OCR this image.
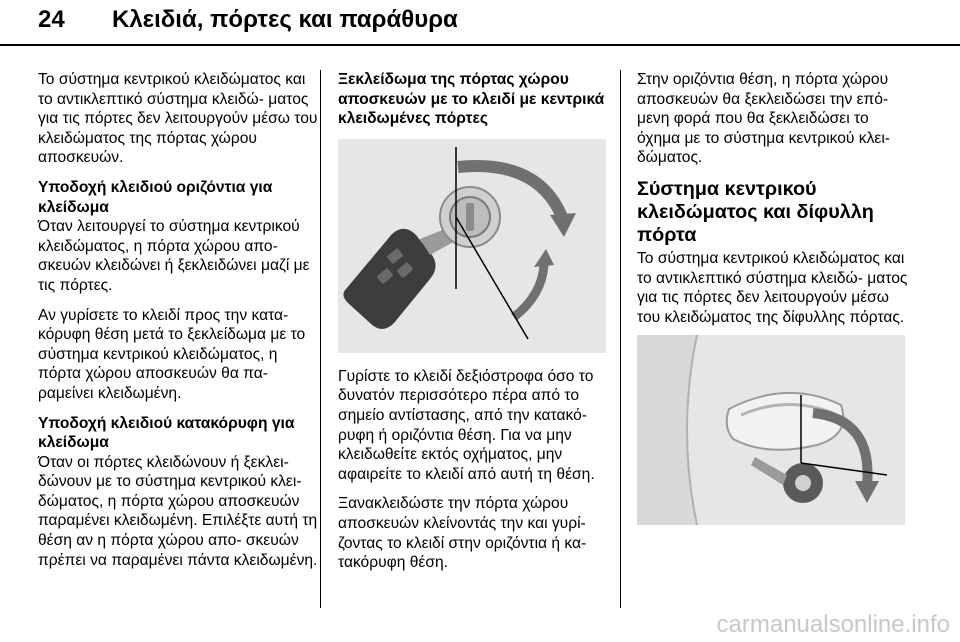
24 Κλειδιά, πόρτες και παράθυρα

Το σύστημα κεντρικού κλειδώματος και το αντικλεπτικό σύστημα κλειδώ- ματος για τις πόρτες δεν λειτουργούν μέσω του κλειδώματος της πόρτας χώρου αποσκευών.

Υποδοχή κλειδιού οριζόντια για κλείδωμα

Όταν λειτουργεί το σύστημα κεντρικού κλειδώματος, η πόρτα χώρου απο- σκευών κλειδώνει ή ξεκλειδώνει μαζί με τις πόρτες.

Αν γυρίσετε το κλειδί προς την κατα- κόρυφη θέση μετά το ξεκλείδωμα με το σύστημα κεντρικού κλειδώματος, η πόρτα χώρου αποσκευών θα πα- ραμείνει κλειδωμένη.

Υποδοχή κλειδιού κατακόρυφη για κλείδωμα

Όταν οι πόρτες κλειδώνουν ή ξεκλει- δώνουν με το σύστημα κεντρικού κλει- δώματος, η πόρτα χώρου αποσκευών παραμένει κλειδωμένη. Επιλέξτε αυτή τη θέση αν η πόρτα χώρου απο- σκευών πρέπει να παραμένει πάντα κλειδωμένη.

Ξεκλείδωμα της πόρτας χώρου αποσκευών με το κλειδί με κεντρικά κλειδωμένες πόρτες

Γυρίστε το κλειδί δεξιόστροφα όσο το δυνατόν περισσότερο πέρα από το σημείο αντίστασης, από την κατακό- ρυφη ή οριζόντια θέση. Για να μην κλειδωθείτε εκτός οχήματος, μην αφαιρείτε το κλειδί από αυτή τη θέση.

Ξανακλειδώστε την πόρτα χώρου αποσκευών κλείνοντάς την και γυρί- ζοντας το κλειδί στην οριζόντια ή κα- τακόρυφη θέση.

Στην οριζόντια θέση, η πόρτα χώρου αποσκευών θα ξεκλειδώσει την επό- μενη φορά που θα ξεκλειδώσει το όχημα με το σύστημα κεντρικού κλει- δώματος.

Σύστημα κεντρικού κλειδώματος και δίφυλλη πόρτα

Το σύστημα κεντρικού κλειδώματος και το αντικλεπτικό σύστημα κλειδώ- ματος για τις πόρτες δεν λειτουργούν μέσω του κλειδώματος της δίφυλλης πόρτας.

carmanualsonline.info
